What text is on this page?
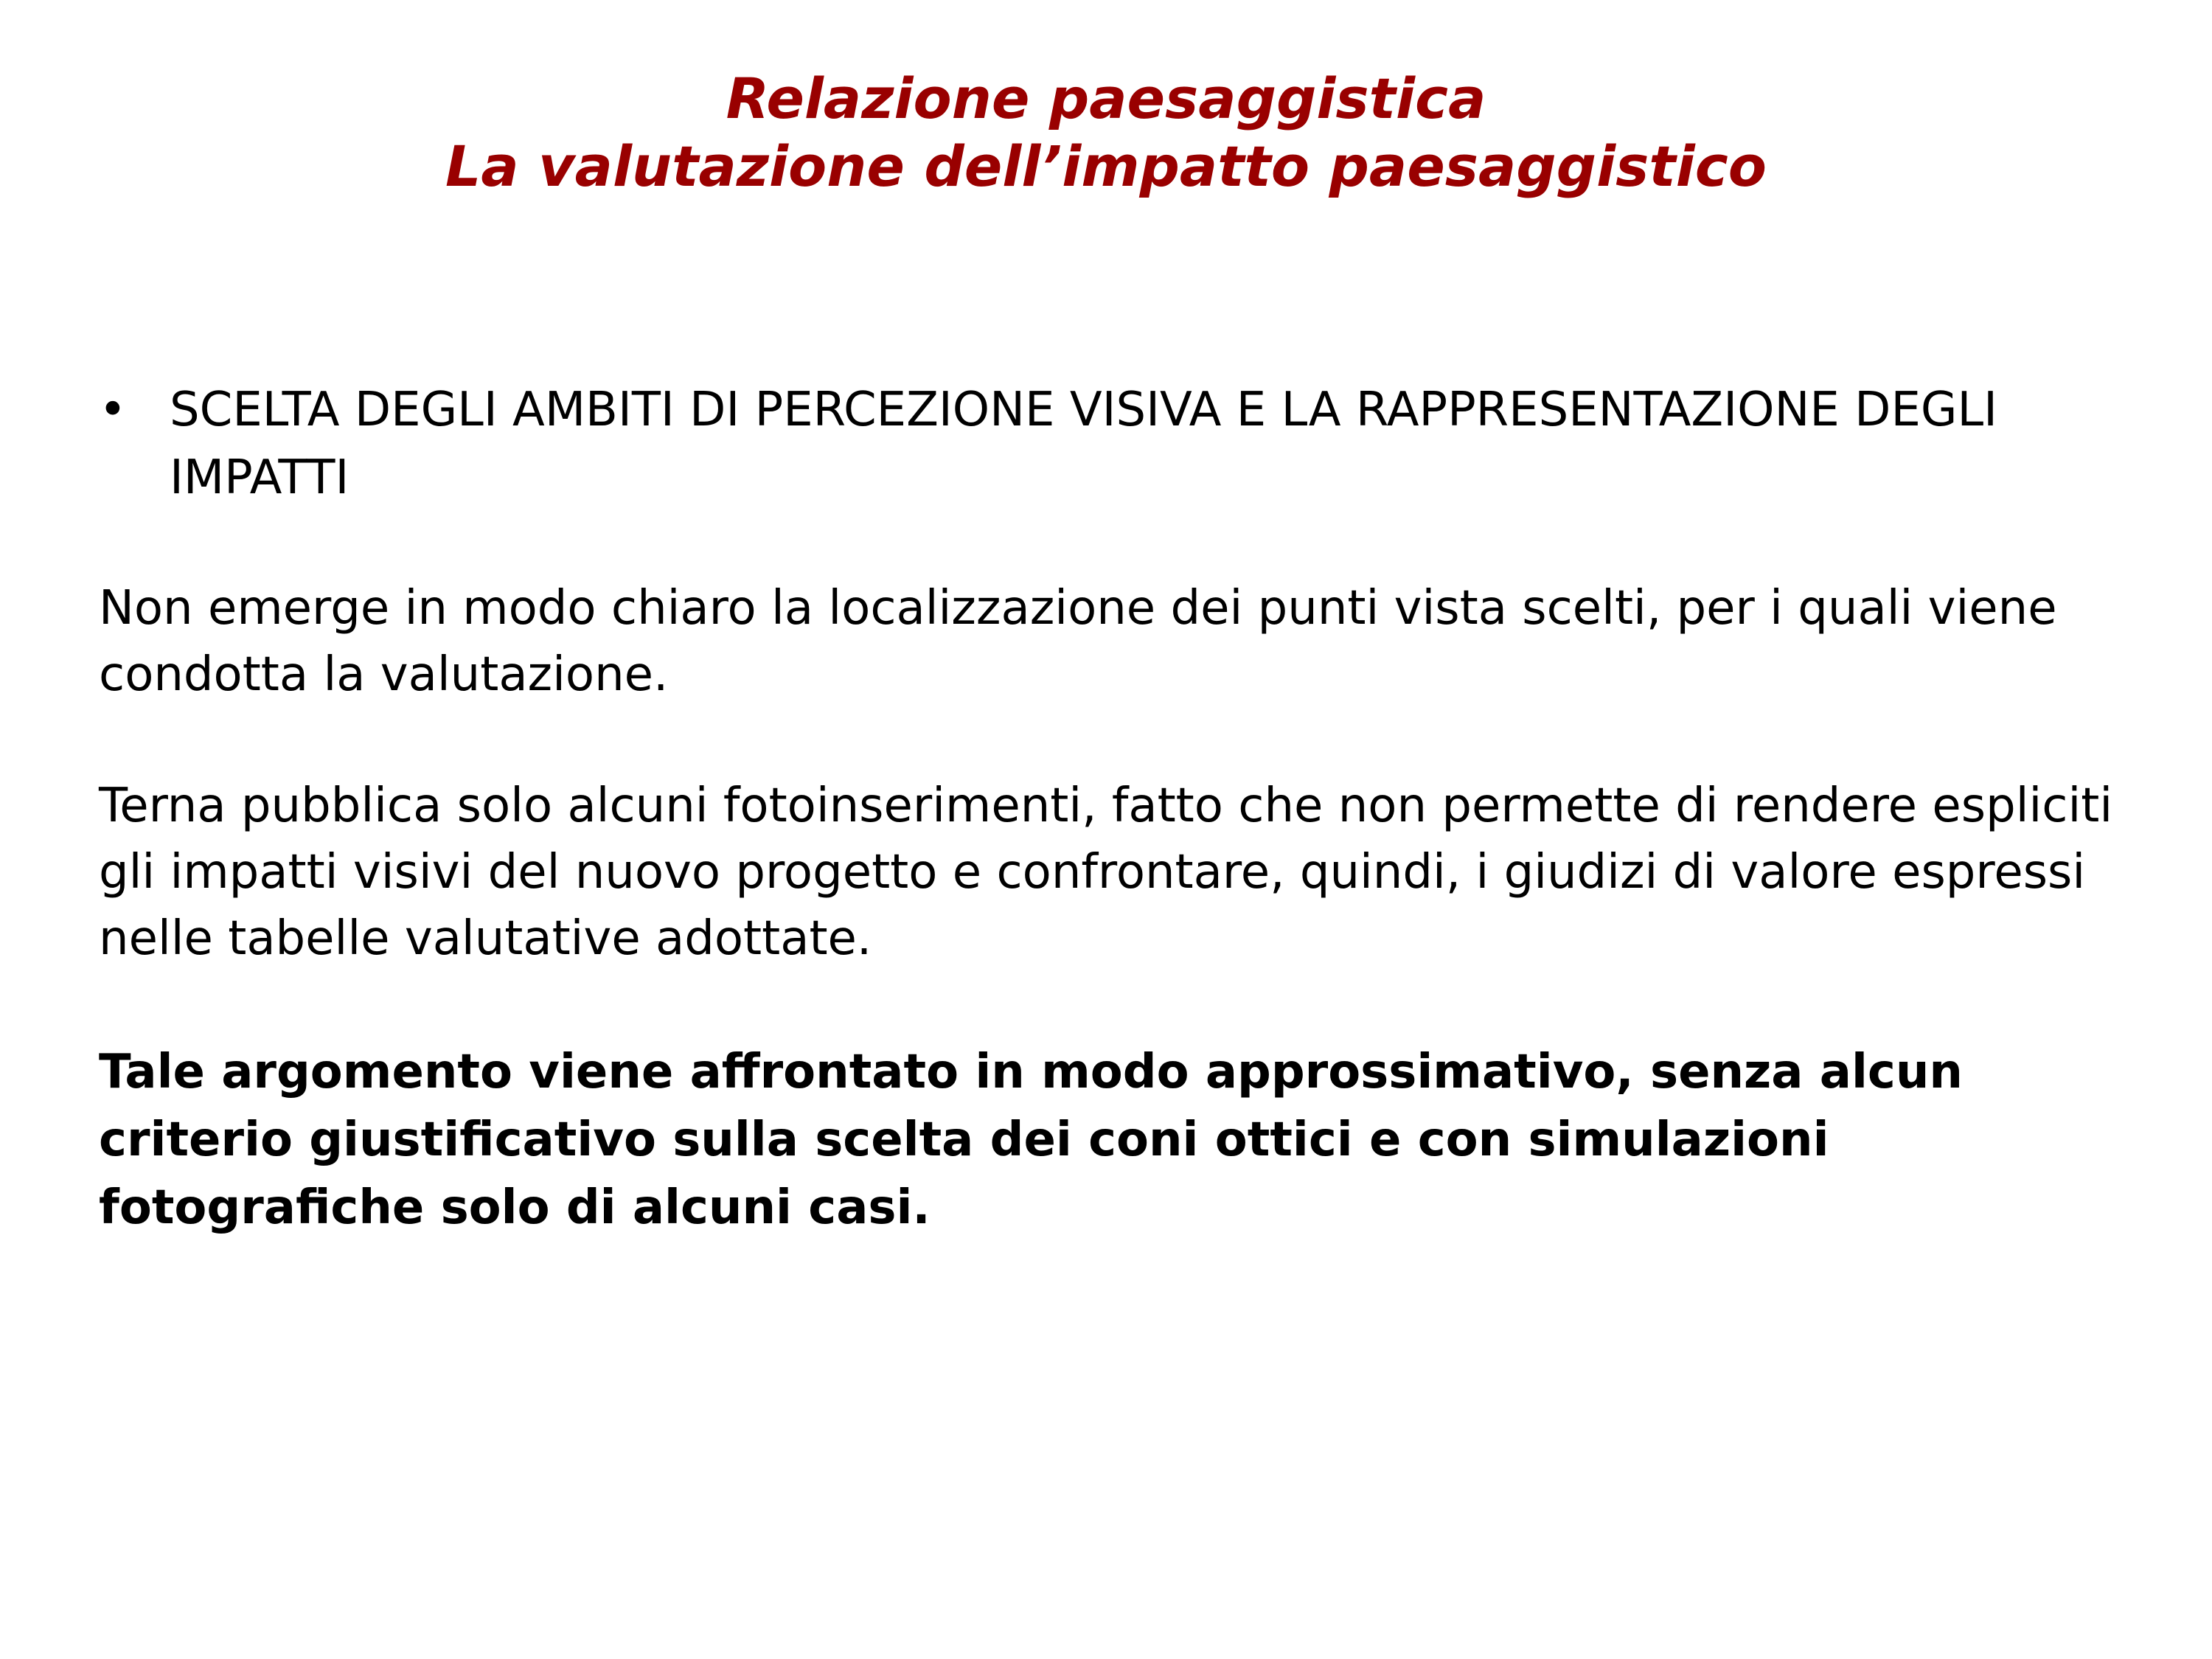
Relazione paesaggistica
La valutazione dell’impatto paesaggistico
• SCELTA DEGLI AMBITI DI PERCEZIONE VISIVA E LA RAPPRESENTAZIONE DEGLI IMPATTI
Non emerge in modo chiaro la localizzazione dei punti vista scelti, per i quali viene condotta la valutazione.
Terna pubblica solo alcuni fotoinserimenti, fatto che non permette di rendere espliciti gli impatti visivi del nuovo progetto e confrontare, quindi, i giudizi di valore espressi nelle tabelle valutative adottate.
Tale argomento viene affrontato in modo approssimativo, senza alcun criterio giustificativo sulla scelta dei coni ottici e con simulazioni fotografiche solo di alcuni casi.
